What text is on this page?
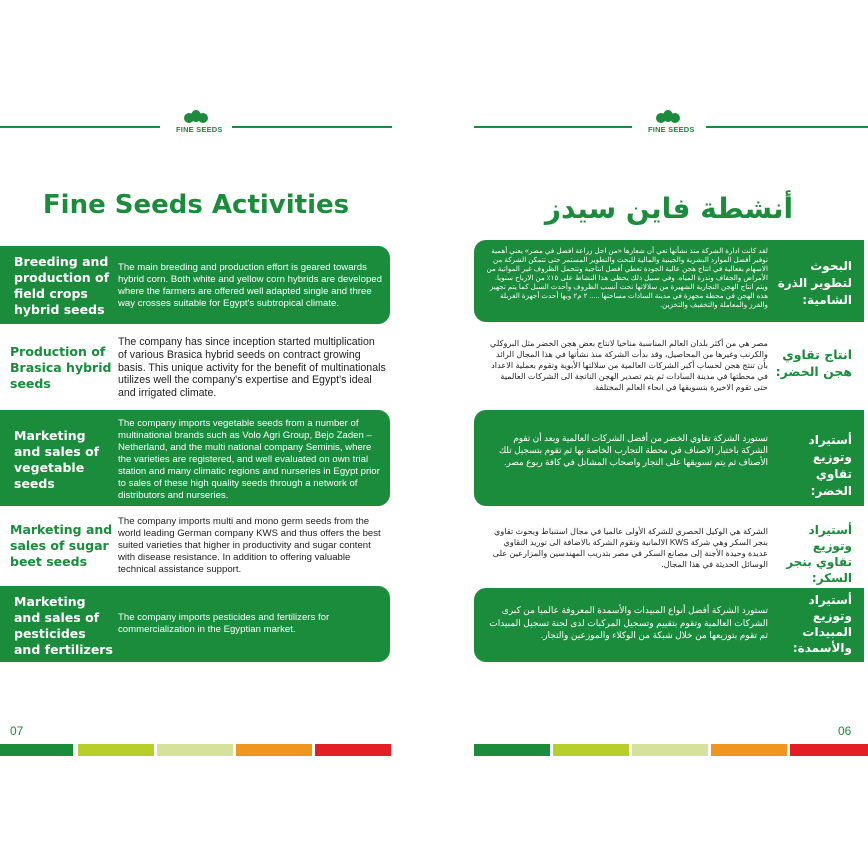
FINE SEEDS	FINE SEEDS
Fine Seeds Activities	أنشطة فاين سيدز
Breeding and production of field crops hybrid seeds
The main breeding and production effort is geared towards hybrid corn. Both white and yellow corn hybrids are developed where the farmers are offered well adapted single and three way crosses suitable for Egypt's subtropical climate.
Production of Brasica hybrid seeds
The company has since inception started multiplication of various Brasica hybrid seeds on contract growing basis. This unique activity for the benefit of multinationals utilizes well the company's expertise and Egypt's ideal and irrigated climate.
Marketing and sales of vegetable seeds
The company imports vegetable seeds from a number of multinational brands such as Volo Agri Group, Bejo Zaden – Netherland, and the multi national company Seminis, where the varieties are registered, and well evaluated on own trial station and many climatic regions and nurseries in Egypt prior to sales of these high quality seeds through a network of distributors and nurseries.
Marketing and sales of sugar beet seeds
The company imports multi and mono germ seeds from the world leading German company KWS and thus offers the best suited varieties that higher in productivity and sugar content with disease resistance. In addition to offering valuable technical assistance support.
Marketing and sales of pesticides and fertilizers
The company imports pesticides and fertilizers for commercialization in the Egyptian market.
البحوث لتطوير الذرة الشامية:
لقد كانت ادارة الشركة منذ نشأتها تعي أن شعارها «من اجل زراعة افضل في مصر» يعني أهمية توفير أفضل الموارد البشرية والجينية والمالية للبحث والتطوير المستمر حتى تتمكن الشركة من الاسهام بفعالية في انتاج هجن عالية الجودة تعطي أفضل انتاجية وتتحمل الظروف غير المواتية من الأمراض والجفاف وندرة المياه. وفي سبيل ذلك يحظى هذا النشاط على ١٥٪ من الارباح سنويا. ويتم انتاج الهجن التجارية الشهيرة من سلالاتها تحت أنسب الظروف وأحدث السبل كما يتم تجهيز هذه الهجن في محطة مجهزة في مدينة السادات مساحتها ..... ٢ م٢ وبها أحدث أجهزة الغربلة والفرز والمعاملة والتخفيف والتخزين.
انتاج تقاوي هجن الخضر:
مصر هي من أكثر بلدان العالم المناسبة مناخيا لانتاج بعض هجن الخضر مثل البروكلي والكرنب وغيرها من المحاصيل، وقد بدأت الشركة منذ نشأتها في هذا المجال الرائد بأن تنتج هجن لحساب أكبر الشركات العالمية من سلالتها الأبوية وتقوم بعملية الاعداد في محطتها في مدينة السادات ثم يتم تصدير الهجن الناتجة الى الشركات العالمية حتى تقوم الاخيرة بتسويقها في انحاء العالم المختلفة.
أستيراد وتوزيع تقاوي الخضر:
تستورد الشركة تقاوي الخضر من أفضل الشركات العالمية وبعد أن تقوم الشركة باختبار الاصناف في محطة التجارب الخاصة بها ثم تقوم بتسجيل تلك الأصناف ثم يتم تسويقها على التجار واصحاب المشاتل في كافة ربوع مصر.
أستيراد وتوزيع تقاوي بنجر السكر:
الشركة هي الوكيل الحصري للشركة الأولى عالميا في مجال استنباط وبحوث تقاوي بنجر السكر وهي شركة KWS الالمانية وتقوم الشركة بالاضافة الى توريد التقاوي عديدة وحيدة الأجنة إلى مصانع السكر في مصر بتدريب المهندسين والمزارعين على الوسائل الحديثة في هذا المجال.
أستيراد وتوزيع المبيدات والأسمدة:
تستورد الشركة أفضل أنواع المبيدات والأسمدة المعروفة عالميا من كبرى الشركات العالمية وتقوم بتقييم وتسجيل المركبات لدى لجنة تسجيل المبيدات ثم تقوم بتوزيعها من خلال شبكة من الوكلاء والموزعين والتجار.
07	06
